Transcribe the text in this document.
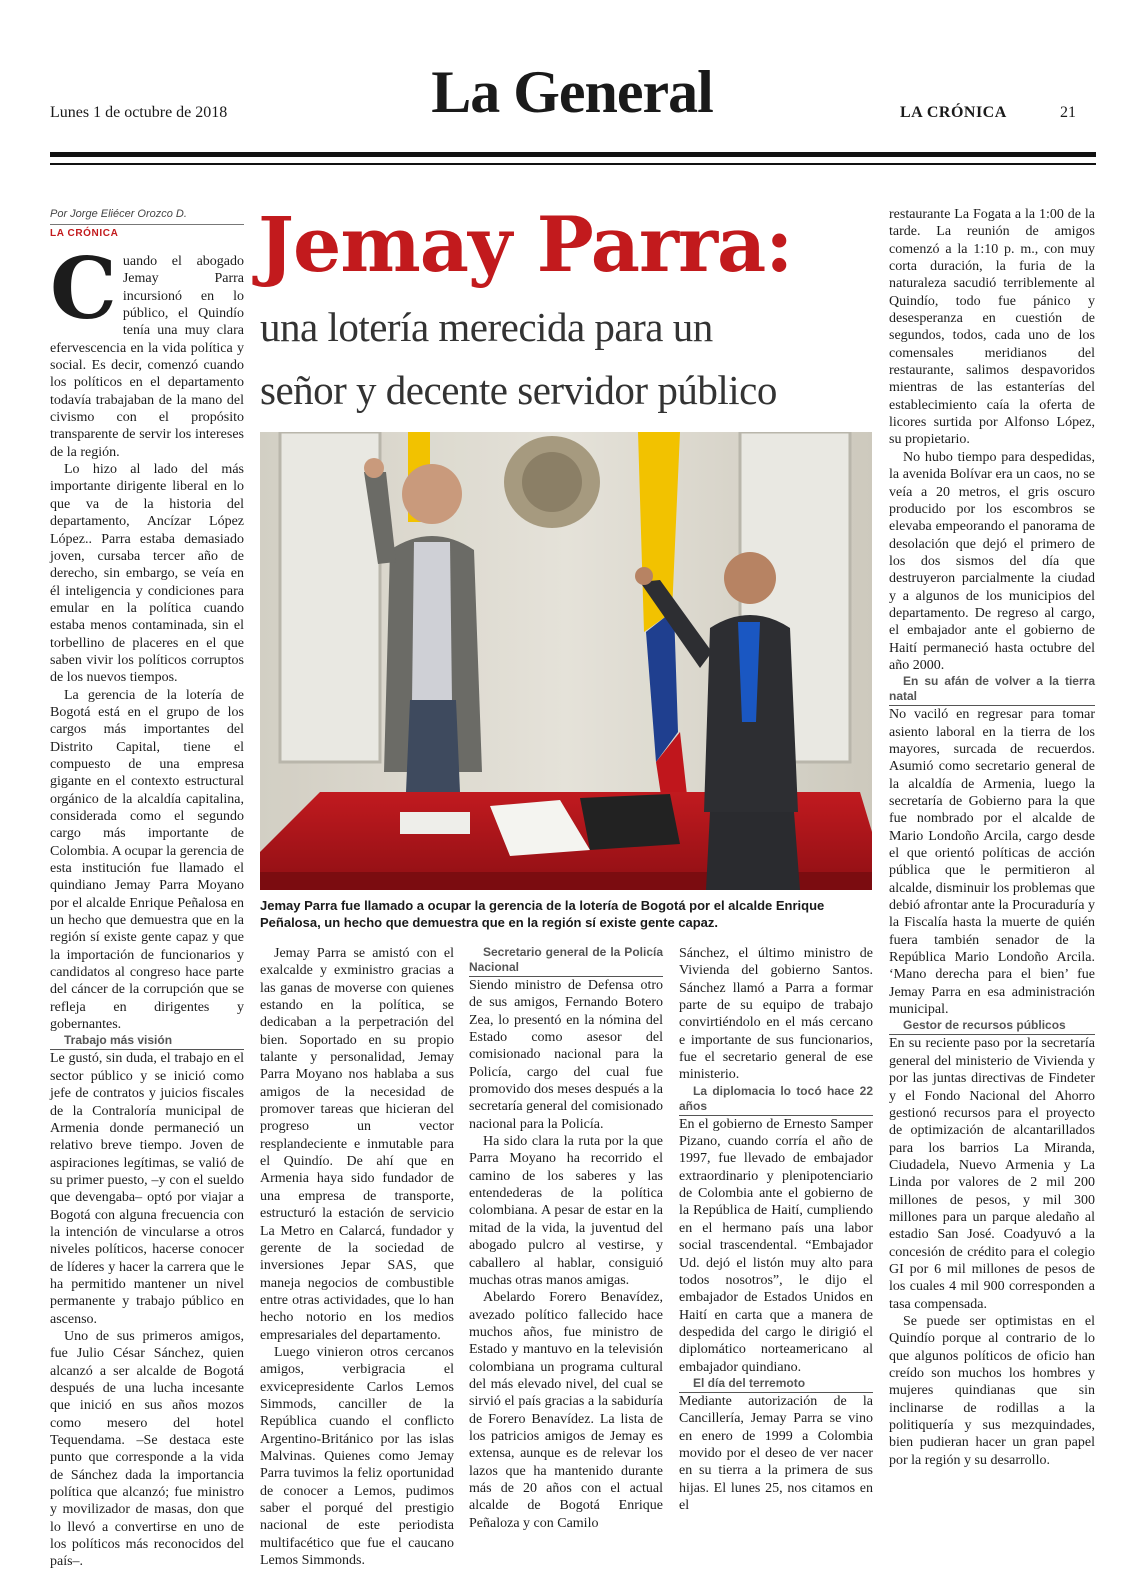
Lunes 1 de octubre de 2018	La General	LA CRÓNICA	21
Por Jorge Eliécer Orozco D.
LA CRÓNICA

Cuando el abogado Jemay Parra incursionó en lo público, el Quindío tenía una muy clara efervescencia en la vida política y social. Es decir, comenzó cuando los políticos en el departamento todavía trabajaban de la mano del civismo con el propósito transparente de servir los intereses de la región.

Lo hizo al lado del más importante dirigente liberal en lo que va de la historia del departamento, Ancízar López López.. Parra estaba demasiado joven, cursaba tercer año de derecho, sin embargo, se veía en él inteligencia y condiciones para emular en la política cuando estaba menos contaminada, sin el torbellino de placeres en el que saben vivir los políticos corruptos de los nuevos tiempos.

La gerencia de la lotería de Bogotá está en el grupo de los cargos más importantes del Distrito Capital, tiene el compuesto de una empresa gigante en el contexto estructural orgánico de la alcaldía capitalina, considerada como el segundo cargo más importante de Colombia. A ocupar la gerencia de esta institución fue llamado el quindiano Jemay Parra Moyano por el alcalde Enrique Peñalosa en un hecho que demuestra que en la región sí existe gente capaz y que la importación de funcionarios y candidatos al congreso hace parte del cáncer de la corrupción que se refleja en dirigentes y gobernantes.

Trabajo más visión

Le gustó, sin duda, el trabajo en el sector público y se inició como jefe de contratos y juicios fiscales de la Contraloría municipal de Armenia donde permaneció un relativo breve tiempo. Joven de aspiraciones legítimas, se valió de su primer puesto, –y con el sueldo que devengaba– optó por viajar a Bogotá con alguna frecuencia con la intención de vincularse a otros niveles políticos, hacerse conocer de líderes y hacer la carrera que le ha permitido mantener un nivel permanente y trabajo público en ascenso.

Uno de sus primeros amigos, fue Julio César Sánchez, quien alcanzó a ser alcalde de Bogotá después de una lucha incesante que inició en sus años mozos como mesero del hotel Tequendama. –Se destaca este punto que corresponde a la vida de Sánchez dada la importancia política que alcanzó; fue ministro y movilizador de masas, don que lo llevó a convertirse en uno de los políticos más reconocidos del país–.

Jemay Parra:
una lotería merecida para un
señor y decente servidor público
Jemay Parra fue llamado a ocupar la gerencia de la lotería de Bogotá por el alcalde Enrique Peñalosa, un hecho que demuestra que en la región sí existe gente capaz.

Jemay Parra se amistó con el exalcalde y exministro gracias a las ganas de moverse con quienes estando en la política, se dedicaban a la perpetración del bien. Soportado en su propio talante y personalidad, Jemay Parra Moyano nos hablaba a sus amigos de la necesidad de promover tareas que hicieran del progreso un vector resplandeciente e inmutable para el Quindío. De ahí que en Armenia haya sido fundador de una empresa de transporte, estructuró la estación de servicio La Metro en Calarcá, fundador y gerente de la sociedad de inversiones Jepar SAS, que maneja negocios de combustible entre otras actividades, que lo han hecho notorio en los medios empresariales del departamento.

Luego vinieron otros cercanos amigos, verbigracia el exvicepresidente Carlos Lemos Simmods, canciller de la República cuando el conflicto Argentino-Británico por las islas Malvinas. Quienes como Jemay Parra tuvimos la feliz oportunidad de conocer a Lemos, pudimos saber el porqué del prestigio nacional de este periodista multifacético que fue el caucano Lemos Simmonds.

Secretario general de la Policía Nacional

Siendo ministro de Defensa otro de sus amigos, Fernando Botero Zea, lo presentó en la nómina del Estado como asesor del comisionado nacional para la Policía, cargo del cual fue promovido dos meses después a la secretaría general del comisionado nacional para la Policía.

Ha sido clara la ruta por la que Parra Moyano ha recorrido el camino de los saberes y las entendederas de la política colombiana. A pesar de estar en la mitad de la vida, la juventud del abogado pulcro al vestirse, y caballero al hablar, consiguió muchas otras manos amigas.

Abelardo Forero Benavídez, avezado político fallecido hace muchos años, fue ministro de Estado y mantuvo en la televisión colombiana un programa cultural del más elevado nivel, del cual se sirvió el país gracias a la sabiduría de Forero Benavídez. La lista de los patricios amigos de Jemay es extensa, aunque es de relevar los lazos que ha mantenido durante más de 20 años con el actual alcalde de Bogotá Enrique Peñaloza y con Camilo

Sánchez, el último ministro de Vivienda del gobierno Santos. Sánchez llamó a Parra a formar parte de su equipo de trabajo convirtiéndolo en el más cercano e importante de sus funcionarios, fue el secretario general de ese ministerio.

La diplomacia lo tocó hace 22 años

En el gobierno de Ernesto Samper Pizano, cuando corría el año de 1997, fue llevado de embajador extraordinario y plenipotenciario de Colombia ante el gobierno de la República de Haití, cumpliendo en el hermano país una labor social trascendental. “Embajador Ud. dejó el listón muy alto para todos nosotros”, le dijo el embajador de Estados Unidos en Haití en carta que a manera de despedida del cargo le dirigió el diplomático norteamericano al embajador quindiano.

El día del terremoto

Mediante autorización de la Cancillería, Jemay Parra se vino en enero de 1999 a Colombia movido por el deseo de ver nacer en su tierra a la primera de sus hijas. El lunes 25, nos citamos en el

restaurante La Fogata a la 1:00 de la tarde. La reunión de amigos comenzó a la 1:10 p. m., con muy corta duración, la furia de la naturaleza sacudió terriblemente al Quindío, todo fue pánico y desesperanza en cuestión de segundos, todos, cada uno de los comensales meridianos del restaurante, salimos despavoridos mientras de las estanterías del establecimiento caía la oferta de licores surtida por Alfonso López, su propietario.

No hubo tiempo para despedidas, la avenida Bolívar era un caos, no se veía a 20 metros, el gris oscuro producido por los escombros se elevaba empeorando el panorama de desolación que dejó el primero de los dos sismos del día que destruyeron parcialmente la ciudad y a algunos de los municipios del departamento. De regreso al cargo, el embajador ante el gobierno de Haití permaneció hasta octubre del año 2000.

En su afán de volver a la tierra natal

No vaciló en regresar para tomar asiento laboral en la tierra de los mayores, surcada de recuerdos. Asumió como secretario general de la alcaldía de Armenia, luego la secretaría de Gobierno para la que fue nombrado por el alcalde de Mario Londoño Arcila, cargo desde el que orientó políticas de acción pública que le permitieron al alcalde, disminuir los problemas que debió afrontar ante la Procuraduría y la Fiscalía hasta la muerte de quién fuera también senador de la República Mario Londoño Arcila. ‘Mano derecha para el bien’ fue Jemay Parra en esa administración municipal.

Gestor de recursos públicos

En su reciente paso por la secretaría general del ministerio de Vivienda y por las juntas directivas de Findeter y el Fondo Nacional del Ahorro gestionó recursos para el proyecto de optimización de alcantarillados para los barrios La Miranda, Ciudadela, Nuevo Armenia y La Linda por valores de 2 mil 200 millones de pesos, y mil 300 millones para un parque aledaño al estadio San José. Coadyuvó a la concesión de crédito para el colegio GI por 6 mil millones de pesos de los cuales 4 mil 900 corresponden a tasa compensada.

Se puede ser optimistas en el Quindío porque al contrario de lo que algunos políticos de oficio han creído son muchos los hombres y mujeres quindianas que sin inclinarse de rodillas a la politiquería y sus mezquindades, bien pudieran hacer un gran papel por la región y su desarrollo.
